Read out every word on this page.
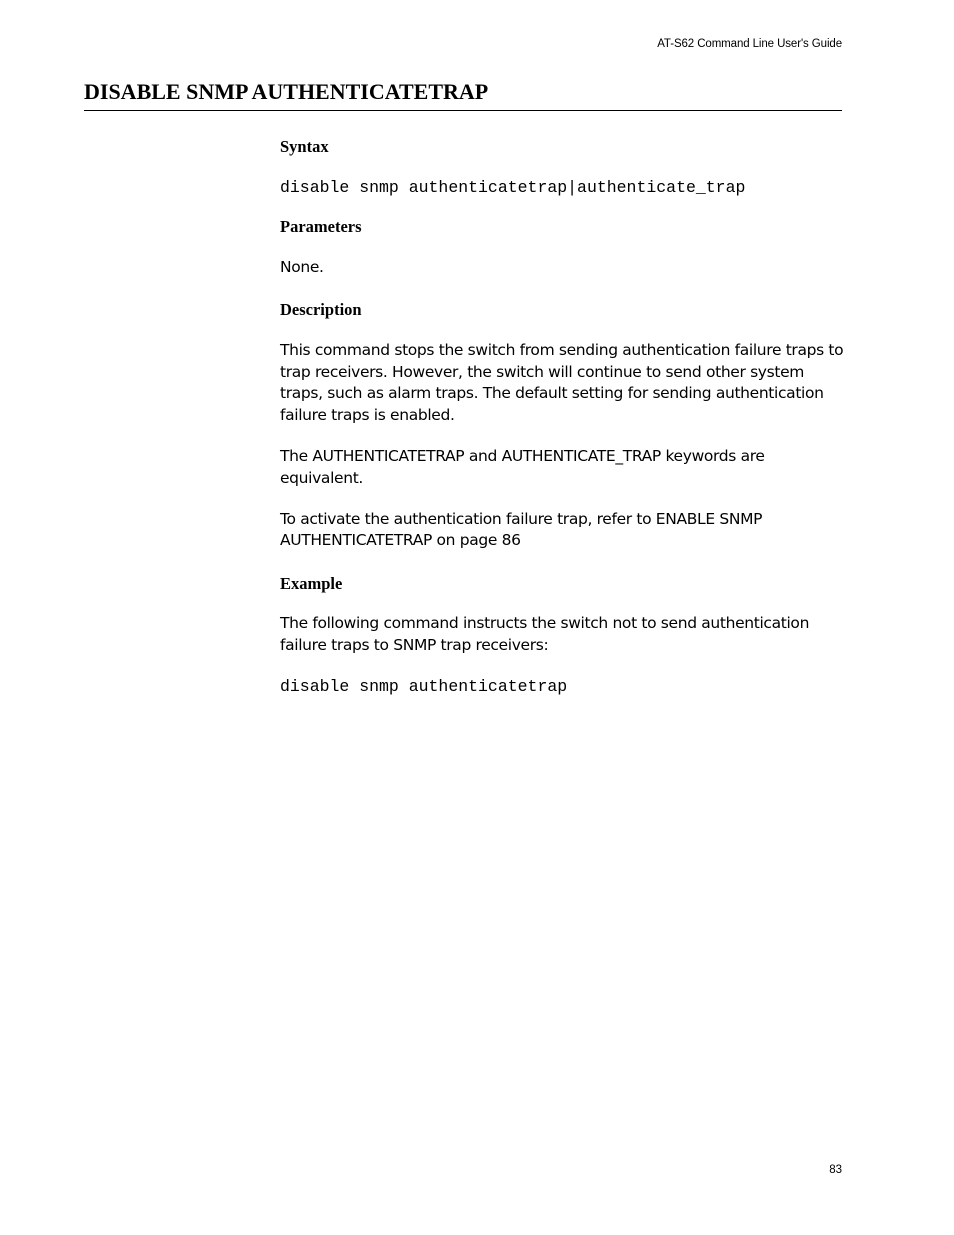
AT-S62 Command Line User's Guide
DISABLE SNMP AUTHENTICATETRAP
Syntax

disable snmp authenticatetrap|authenticate_trap

Parameters

None.

Description

This command stops the switch from sending authentication failure traps to trap receivers. However, the switch will continue to send other system traps, such as alarm traps. The default setting for sending authentication failure traps is enabled.

The AUTHENTICATETRAP and AUTHENTICATE_TRAP keywords are equivalent.

To activate the authentication failure trap, refer to ENABLE SNMP AUTHENTICATETRAP on page 86

Example

The following command instructs the switch not to send authentication failure traps to SNMP trap receivers:

disable snmp authenticatetrap

83
